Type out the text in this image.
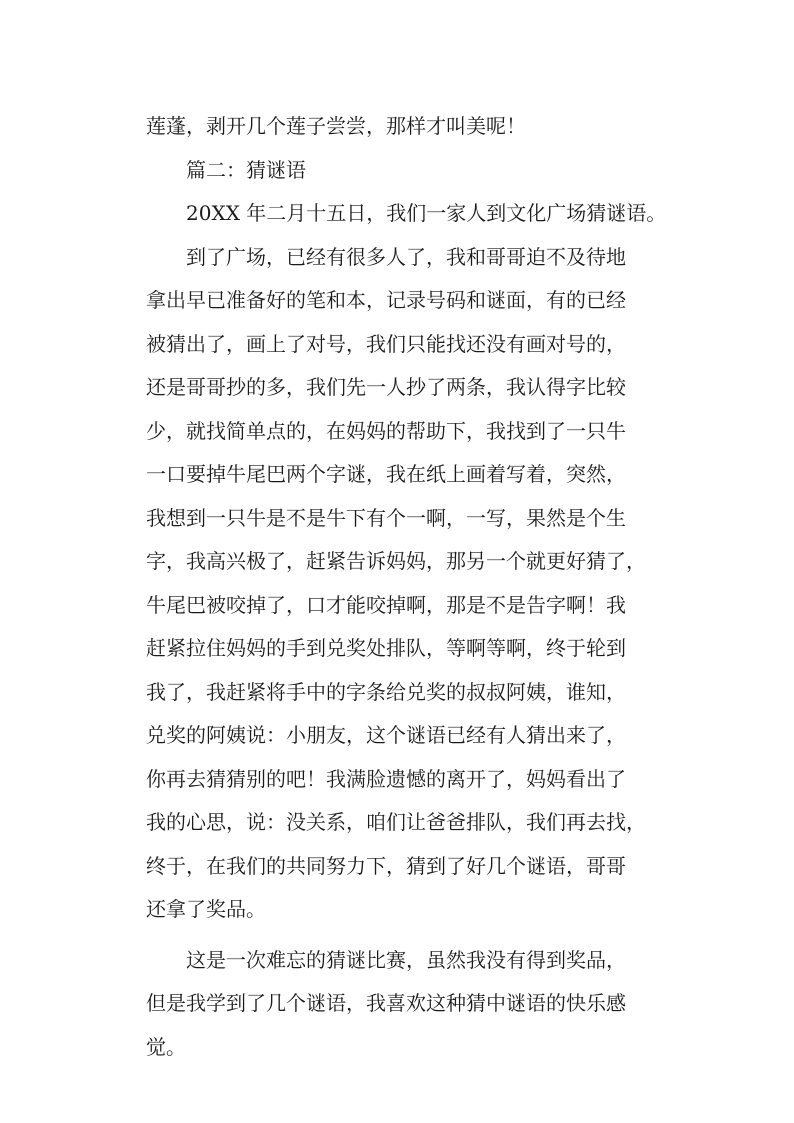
莲蓬，剥开几个莲子尝尝，那样才叫美呢！
篇二：猜谜语
20XX 年二月十五日，我们一家人到文化广场猜谜语。
到了广场，已经有很多人了，我和哥哥迫不及待地
拿出早已准备好的笔和本，记录号码和谜面，有的已经
被猜出了，画上了对号，我们只能找还没有画对号的，
还是哥哥抄的多，我们先一人抄了两条，我认得字比较
少，就找简单点的，在妈妈的帮助下，我找到了一只牛
一口要掉牛尾巴两个字谜，我在纸上画着写着，突然，
我想到一只牛是不是牛下有个一啊，一写，果然是个生
字，我高兴极了，赶紧告诉妈妈，那另一个就更好猜了，
牛尾巴被咬掉了，口才能咬掉啊，那是不是告字啊！我
赶紧拉住妈妈的手到兑奖处排队，等啊等啊，终于轮到
我了，我赶紧将手中的字条给兑奖的叔叔阿姨，谁知，
兑奖的阿姨说：小朋友，这个谜语已经有人猜出来了，
你再去猜猜别的吧！我满脸遗憾的离开了，妈妈看出了
我的心思，说：没关系，咱们让爸爸排队，我们再去找，
终于，在我们的共同努力下，猜到了好几个谜语，哥哥
还拿了奖品。
这是一次难忘的猜谜比赛，虽然我没有得到奖品，
但是我学到了几个谜语，我喜欢这种猜中谜语的快乐感
觉。
